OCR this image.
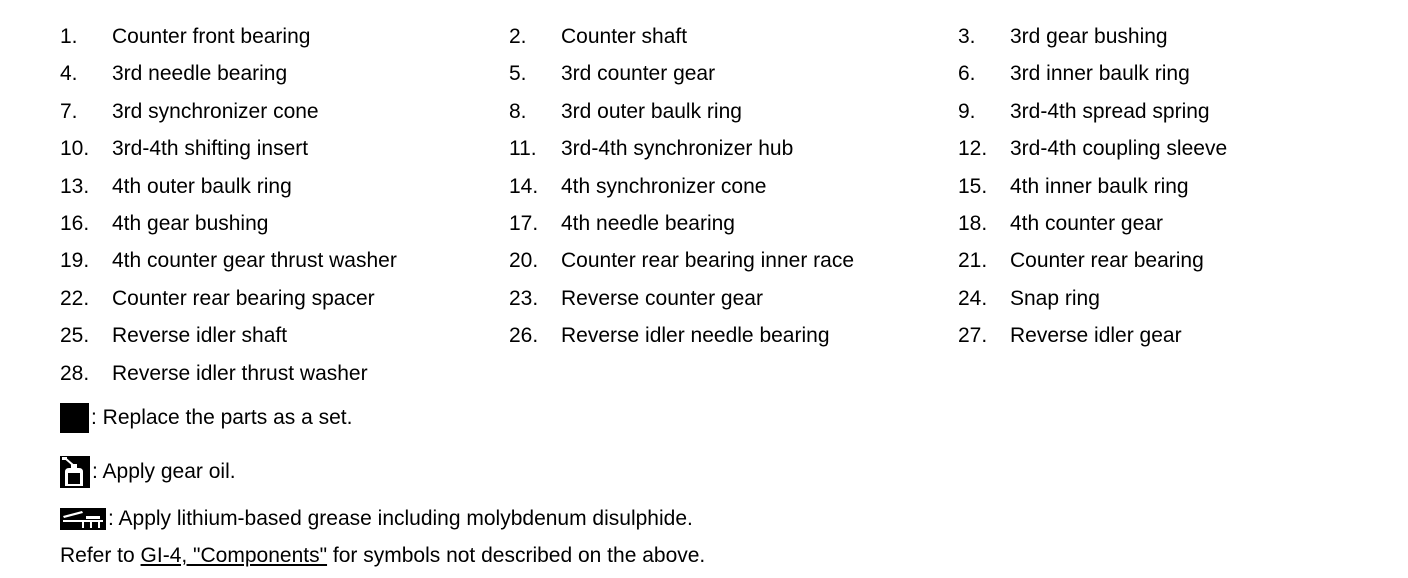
1. Counter front bearing	2. Counter shaft	3. 3rd gear bushing
4. 3rd needle bearing	5. 3rd counter gear	6. 3rd inner baulk ring
7. 3rd synchronizer cone	8. 3rd outer baulk ring	9. 3rd-4th spread spring
10. 3rd-4th shifting insert	11. 3rd-4th synchronizer hub	12. 3rd-4th coupling sleeve
13. 4th outer baulk ring	14. 4th synchronizer cone	15. 4th inner baulk ring
16. 4th gear bushing	17. 4th needle bearing	18. 4th counter gear
19. 4th counter gear thrust washer	20. Counter rear bearing inner race	21. Counter rear bearing
22. Counter rear bearing spacer	23. Reverse counter gear	24. Snap ring
25. Reverse idler shaft	26. Reverse idler needle bearing	27. Reverse idler gear
28. Reverse idler thrust washer
: Replace the parts as a set.
: Apply gear oil.
: Apply lithium-based grease including molybdenum disulphide.
Refer to GI-4, "Components" for symbols not described on the above.
